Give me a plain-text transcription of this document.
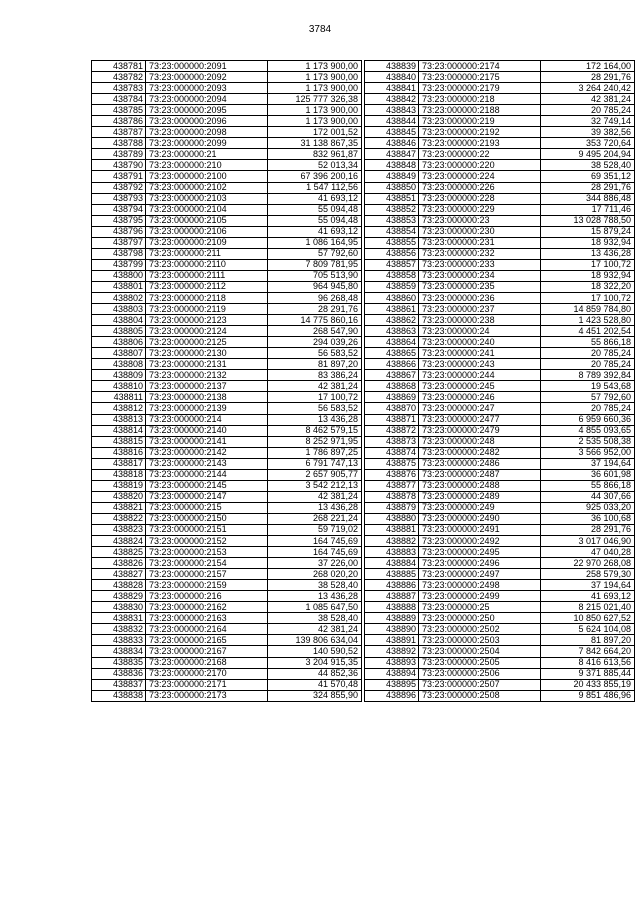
3784
438781	73:23:000000:2091	1 173 900,00
438782	73:23:000000:2092	1 173 900,00
438783	73:23:000000:2093	1 173 900,00
438784	73:23:000000:2094	125 777 326,38
438785	73:23:000000:2095	1 173 900,00
438786	73:23:000000:2096	1 173 900,00
438787	73:23:000000:2098	172 001,52
438788	73:23:000000:2099	31 138 867,35
438789	73:23:000000:21	832 961,87
438790	73:23:000000:210	52 013,34
438791	73:23:000000:2100	67 396 200,16
438792	73:23:000000:2102	1 547 112,56
438793	73:23:000000:2103	41 693,12
438794	73:23:000000:2104	55 094,48
438795	73:23:000000:2105	55 094,48
438796	73:23:000000:2106	41 693,12
438797	73:23:000000:2109	1 086 164,95
438798	73:23:000000:211	57 792,60
438799	73:23:000000:2110	7 809 781,95
438800	73:23:000000:2111	705 513,90
438801	73:23:000000:2112	964 945,80
438802	73:23:000000:2118	96 268,48
438803	73:23:000000:2119	28 291,76
438804	73:23:000000:2123	14 775 860,16
438805	73:23:000000:2124	268 547,90
438806	73:23:000000:2125	294 039,26
438807	73:23:000000:2130	56 583,52
438808	73:23:000000:2131	81 897,20
438809	73:23:000000:2132	83 386,24
438810	73:23:000000:2137	42 381,24
438811	73:23:000000:2138	17 100,72
438812	73:23:000000:2139	56 583,52
438813	73:23:000000:214	13 436,28
438814	73:23:000000:2140	8 462 579,15
438815	73:23:000000:2141	8 252 971,95
438816	73:23:000000:2142	1 786 897,25
438817	73:23:000000:2143	6 791 747,13
438818	73:23:000000:2144	2 657 905,77
438819	73:23:000000:2145	3 542 212,13
438820	73:23:000000:2147	42 381,24
438821	73:23:000000:215	13 436,28
438822	73:23:000000:2150	268 221,24
438823	73:23:000000:2151	59 719,02
438824	73:23:000000:2152	164 745,69
438825	73:23:000000:2153	164 745,69
438826	73:23:000000:2154	37 226,00
438827	73:23:000000:2157	268 020,20
438828	73:23:000000:2159	38 528,40
438829	73:23:000000:216	13 436,28
438830	73:23:000000:2162	1 085 647,50
438831	73:23:000000:2163	38 528,40
438832	73:23:000000:2164	42 381,24
438833	73:23:000000:2165	139 806 634,04
438834	73:23:000000:2167	140 590,52
438835	73:23:000000:2168	3 204 915,35
438836	73:23:000000:2170	44 852,36
438837	73:23:000000:2171	41 570,48
438838	73:23:000000:2173	324 855,90
438839	73:23:000000:2174	172 164,00
438840	73:23:000000:2175	28 291,76
438841	73:23:000000:2179	3 264 240,42
438842	73:23:000000:218	42 381,24
438843	73:23:000000:2188	20 785,24
438844	73:23:000000:219	32 749,14
438845	73:23:000000:2192	39 382,56
438846	73:23:000000:2193	353 720,64
438847	73:23:000000:22	9 495 204,94
438848	73:23:000000:220	38 528,40
438849	73:23:000000:224	69 351,12
438850	73:23:000000:226	28 291,76
438851	73:23:000000:228	344 886,48
438852	73:23:000000:229	17 711,46
438853	73:23:000000:23	13 028 788,50
438854	73:23:000000:230	15 879,24
438855	73:23:000000:231	18 932,94
438856	73:23:000000:232	13 436,28
438857	73:23:000000:233	17 100,72
438858	73:23:000000:234	18 932,94
438859	73:23:000000:235	18 322,20
438860	73:23:000000:236	17 100,72
438861	73:23:000000:237	14 859 784,80
438862	73:23:000000:238	1 423 528,80
438863	73:23:000000:24	4 451 202,54
438864	73:23:000000:240	55 866,18
438865	73:23:000000:241	20 785,24
438866	73:23:000000:243	20 785,24
438867	73:23:000000:244	8 789 392,84
438868	73:23:000000:245	19 543,68
438869	73:23:000000:246	57 792,60
438870	73:23:000000:247	20 785,24
438871	73:23:000000:2477	6 959 660,36
438872	73:23:000000:2479	4 855 093,65
438873	73:23:000000:248	2 535 508,38
438874	73:23:000000:2482	3 566 952,00
438875	73:23:000000:2486	37 194,64
438876	73:23:000000:2487	36 601,98
438877	73:23:000000:2488	55 866,18
438878	73:23:000000:2489	44 307,66
438879	73:23:000000:249	925 033,20
438880	73:23:000000:2490	36 100,68
438881	73:23:000000:2491	28 291,76
438882	73:23:000000:2492	3 017 046,90
438883	73:23:000000:2495	47 040,28
438884	73:23:000000:2496	22 970 268,08
438885	73:23:000000:2497	258 579,30
438886	73:23:000000:2498	37 194,64
438887	73:23:000000:2499	41 693,12
438888	73:23:000000:25	8 215 021,40
438889	73:23:000000:250	10 850 627,52
438890	73:23:000000:2502	5 624 104,08
438891	73:23:000000:2503	81 897,20
438892	73:23:000000:2504	7 842 664,20
438893	73:23:000000:2505	8 416 613,56
438894	73:23:000000:2506	9 371 885,44
438895	73:23:000000:2507	20 433 855,19
438896	73:23:000000:2508	9 851 486,96
